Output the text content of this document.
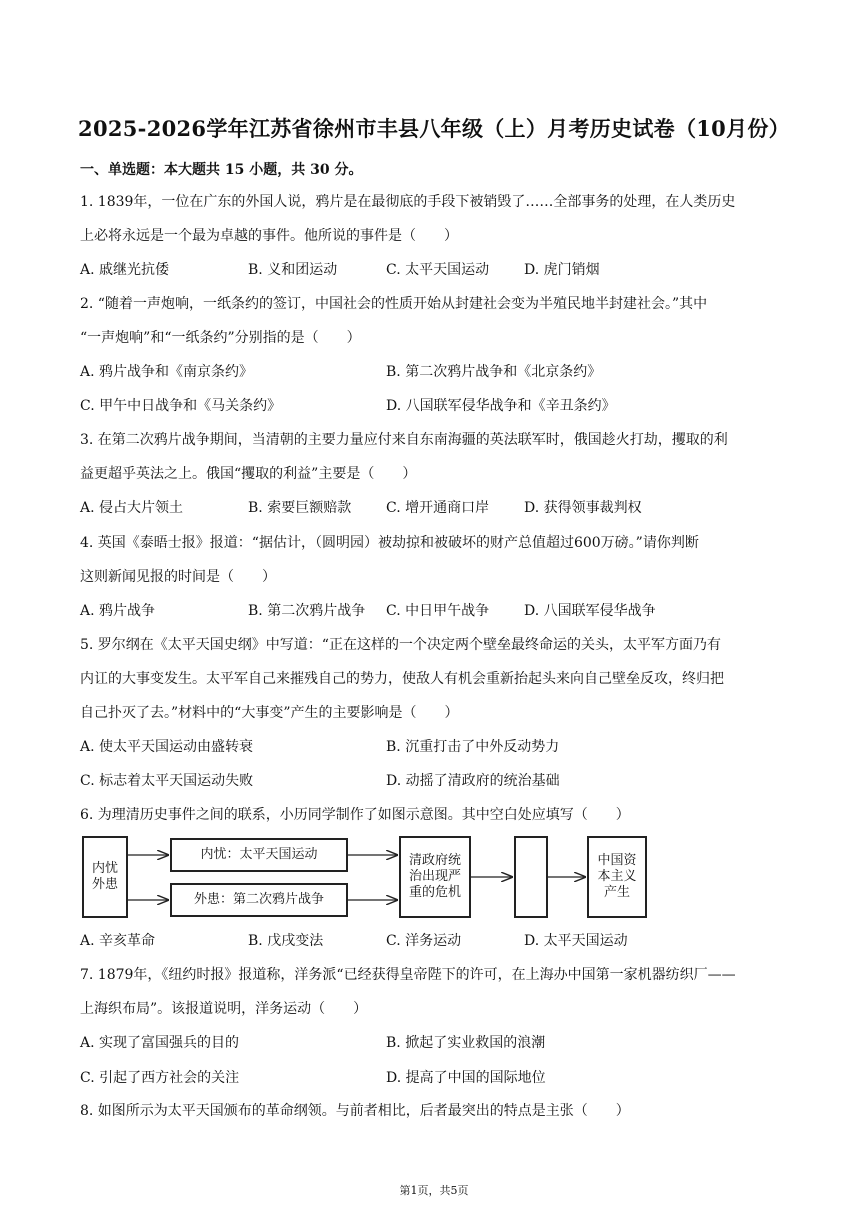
2025-2026学年江苏省徐州市丰县八年级（上）月考历史试卷（10月份）
一、单选题：本大题共 15 小题，共 30 分。
1. 1839年，一位在广东的外国人说，鸦片是在最彻底的手段下被销毁了……全部事务的处理，在人类历史
上必将永远是一个最为卓越的事件。他所说的事件是（　　）
A. 戚继光抗倭	B. 义和团运动	C. 太平天国运动 D. 虎门销烟
2. “随着一声炮响，一纸条约的签订，中国社会的性质开始从封建社会变为半殖民地半封建社会。”其中
“一声炮响”和“一纸条约”分别指的是（　　）
A. 鸦片战争和《南京条约》	B. 第二次鸦片战争和《北京条约》
C. 甲午中日战争和《马关条约》	D. 八国联军侵华战争和《辛丑条约》
3. 在第二次鸦片战争期间，当清朝的主要力量应付来自东南海疆的英法联军时，俄国趁火打劫，攫取的利
益更超乎英法之上。俄国“攫取的利益”主要是（　　）
A. 侵占大片领土	B. 索要巨额赔款 C. 增开通商口岸 D. 获得领事裁判权
4. 英国《泰晤士报》报道：“据估计，（圆明园）被劫掠和被破坏的财产总值超过600万磅。”请你判断
这则新闻见报的时间是（　　）
A. 鸦片战争	B. 第二次鸦片战争 C. 中日甲午战争 D. 八国联军侵华战争
5. 罗尔纲在《太平天国史纲》中写道：“正在这样的一个决定两个壁垒最终命运的关头，太平军方面乃有
内讧的大事变发生。太平军自己来摧残自己的势力，使敌人有机会重新抬起头来向自己壁垒反攻，终归把
自己扑灭了去。”材料中的“大事变”产生的主要影响是（　　）
A. 使太平天国运动由盛转衰	B. 沉重打击了中外反动势力
C. 标志着太平天国运动失败	D. 动摇了清政府的统治基础
6. 为理清历史事件之间的联系，小历同学制作了如图示意图。其中空白处应填写（　　）
内忧外患
内忧：太平天国运动
外患：第二次鸦片战争
清政府统治出现严重的危机
中国资本主义产生
A. 辛亥革命	B. 戊戌变法	C. 洋务运动	D. 太平天国运动
7. 1879年，《纽约时报》报道称，洋务派“已经获得皇帝陛下的许可，在上海办中国第一家机器纺织厂——
上海织布局”。该报道说明，洋务运动（　　）
A. 实现了富国强兵的目的	B. 掀起了实业救国的浪潮
C. 引起了西方社会的关注	D. 提高了中国的国际地位
8. 如图所示为太平天国颁布的革命纲领。与前者相比，后者最突出的特点是主张（　　）
第1页，共5页
